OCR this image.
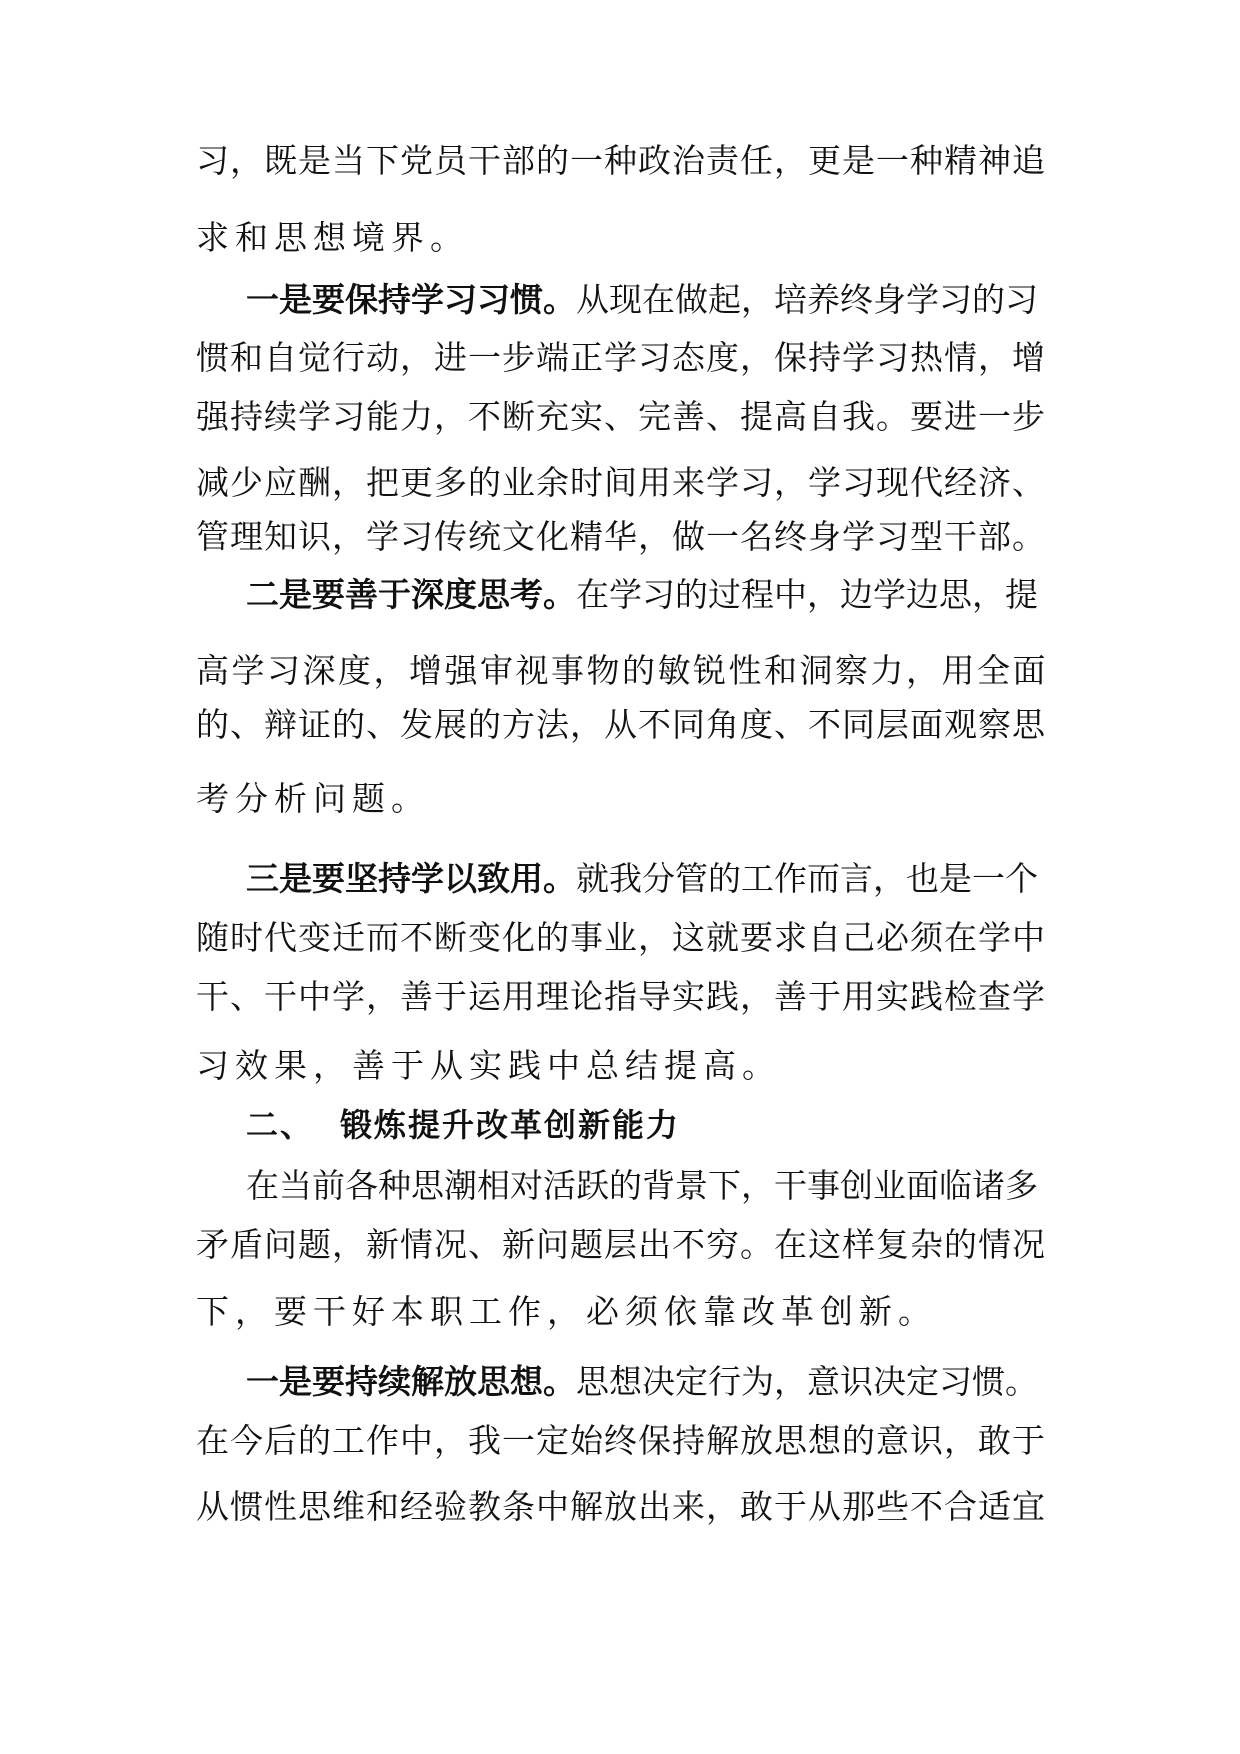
习，既是当下党员干部的一种政治责任，更是一种精神追
求和思想境界。
一是要保持学习习惯。从现在做起，培养终身学习的习
惯和自觉行动，进一步端正学习态度，保持学习热情，增
强持续学习能力，不断充实、完善、提高自我。要进一步
减少应酬，把更多的业余时间用来学习，学习现代经济、
管理知识，学习传统文化精华，做一名终身学习型干部。
二是要善于深度思考。在学习的过程中，边学边思，提
高学习深度，增强审视事物的敏锐性和洞察力，用全面
的、辩证的、发展的方法，从不同角度、不同层面观察思
考分析问题。
三是要坚持学以致用。就我分管的工作而言，也是一个
随时代变迁而不断变化的事业，这就要求自己必须在学中
干、干中学，善于运用理论指导实践，善于用实践检查学
习效果，善于从实践中总结提高。
二、 锻炼提升改革创新能力
在当前各种思潮相对活跃的背景下，干事创业面临诸多
矛盾问题，新情况、新问题层出不穷。在这样复杂的情况
下，要干好本职工作，必须依靠改革创新。
一是要持续解放思想。思想决定行为，意识决定习惯。
在今后的工作中，我一定始终保持解放思想的意识，敢于
从惯性思维和经验教条中解放出来，敢于从那些不合适宜
